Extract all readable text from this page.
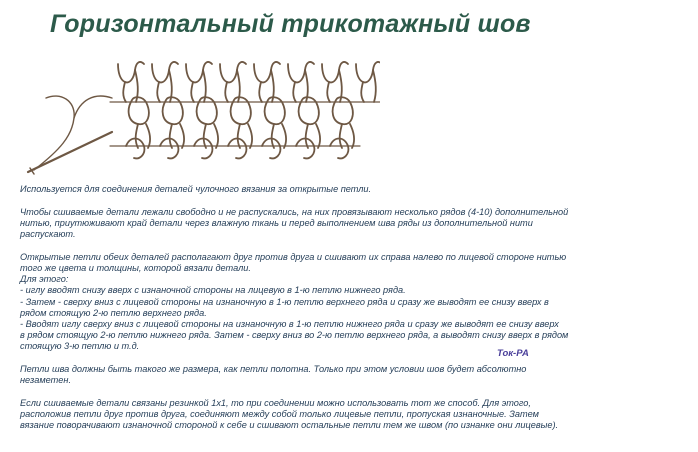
Горизонтальный трикотажный шов

Используется для соединения деталей чулочного вязания за открытые петли.

Чтобы сшиваемые детали лежали свободно и не распускались, на них провязывают несколько рядов (4-10) дополнительной
нитью, приутюживают край детали через влажную ткань и перед выполнением шва ряды из дополнительной нити
распускают.

Открытые петли обеих деталей располагают друг против друга и сшивают их справа налево по лицевой стороне нитью
того же цвета и толщины, которой вязали детали.

Для этого:
- иглу вводят снизу вверх с изнаночной стороны на лицевую в 1-ю петлю нижнего ряда.
- Затем - сверху вниз с лицевой стороны на изнаночную в 1-ю петлю верхнего ряда и сразу же выводят ее снизу вверх в
рядом стоящую 2-ю петлю верхнего ряда.
- Вводят иглу сверху вниз с лицевой стороны на изнаночную в 1-ю петлю нижнего ряда и сразу же выводят ее снизу вверх
в рядом стоящую 2-ю петлю нижнего ряда. Затем - сверху вниз во 2-ю петлю верхнего ряда, а выводят снизу вверх в рядом
стоящую 3-ю петлю и т.д.

Петли шва должны быть такого же размера, как петли полотна. Только при этом условии шов будет абсолютно
незаметен.

Если сшиваемые детали связаны резинкой 1х1, то при соединении можно использовать тот же способ. Для этого,
расположив петли друг против друга, соединяют между собой только лицевые петли, пропуская изнаночные. Затем
вязание поворачивают изнаночной стороной к себе и сшивают остальные петли тем же швом (по изнанке они лицевые).

Ток-РА
